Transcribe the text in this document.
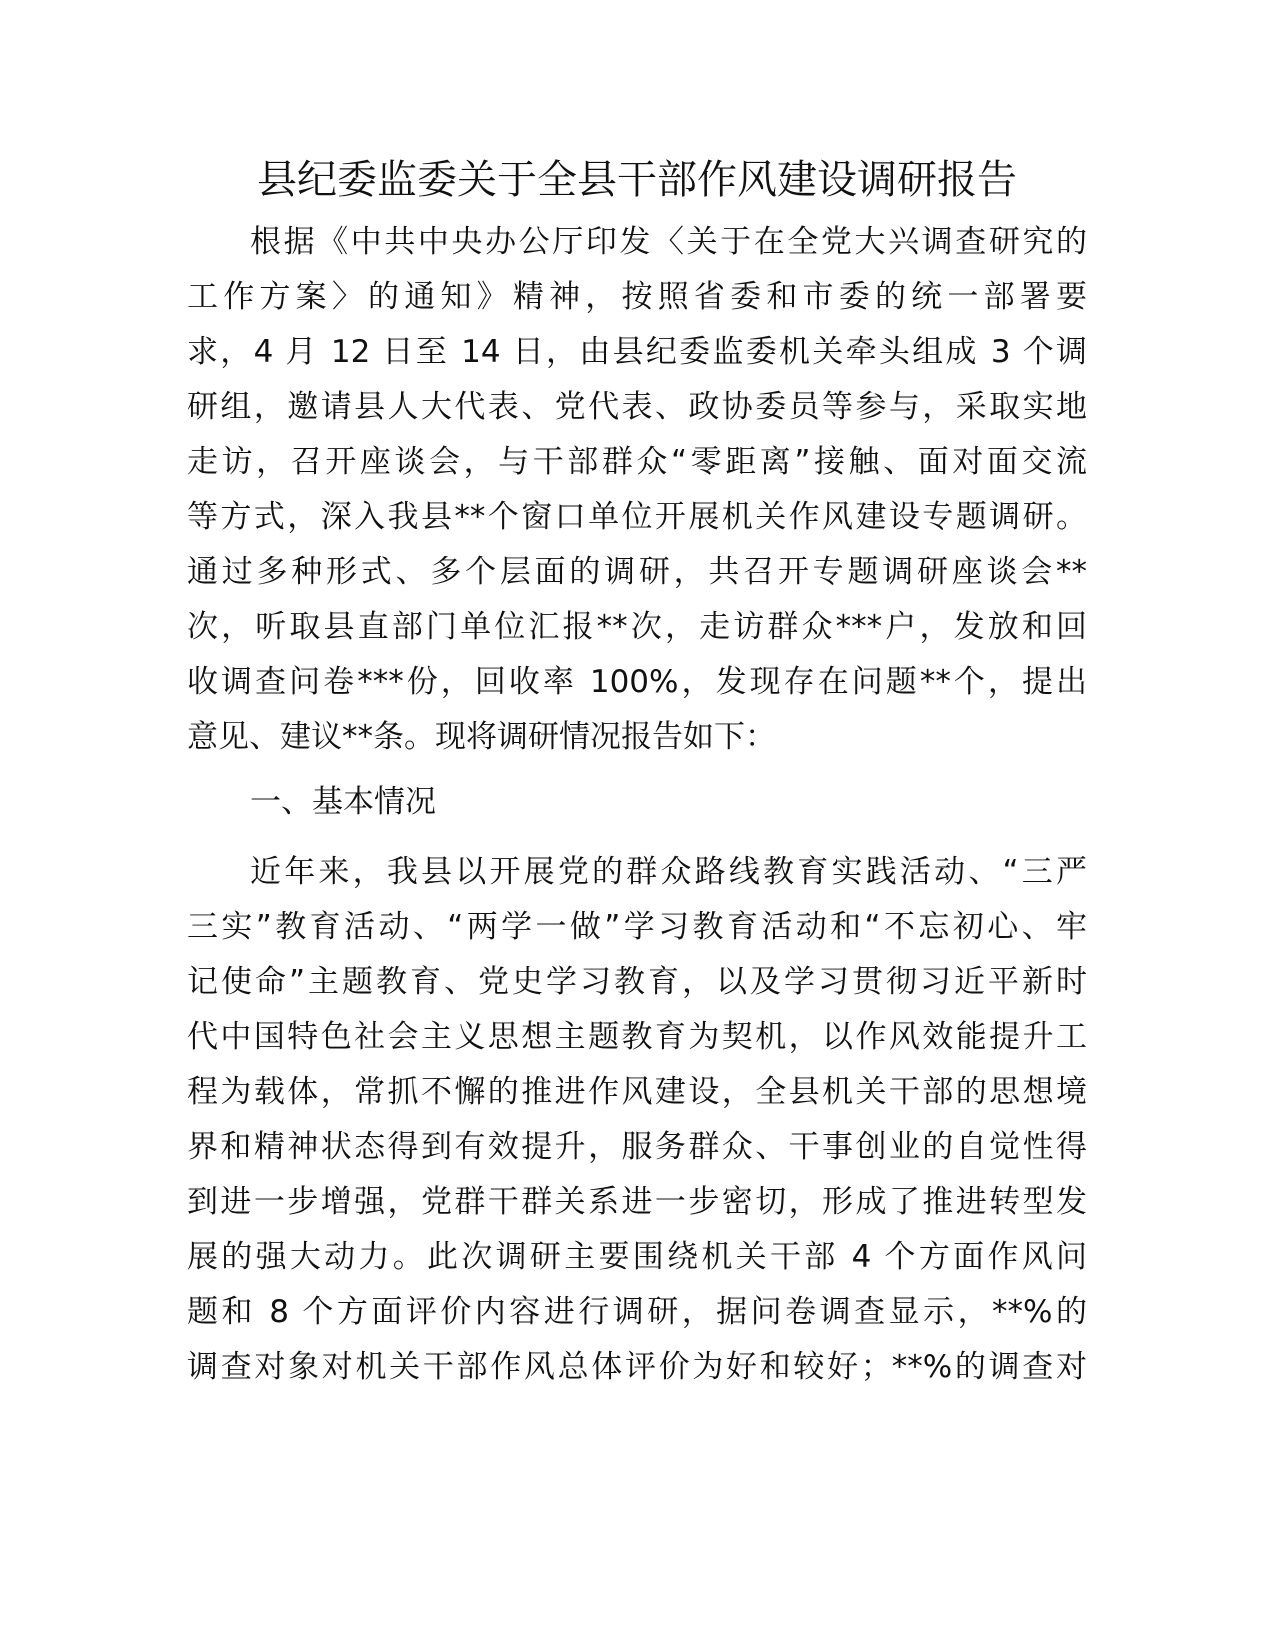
县纪委监委关于全县干部作风建设调研报告
根据《中共中央办公厅印发〈关于在全党大兴调查研究的
工作方案〉的通知》精神，按照省委和市委的统一部署要
求，4 月 12 日至 14 日，由县纪委监委机关牵头组成 3 个调
研组，邀请县人大代表、党代表、政协委员等参与，采取实地
走访，召开座谈会，与干部群众“零距离”接触、面对面交流
等方式，深入我县**个窗口单位开展机关作风建设专题调研。
通过多种形式、多个层面的调研，共召开专题调研座谈会**
次，听取县直部门单位汇报**次，走访群众***户，发放和回
收调查问卷***份，回收率 100%，发现存在问题**个，提出
意见、建议**条。现将调研情况报告如下：
一、基本情况
近年来，我县以开展党的群众路线教育实践活动、“三严
三实”教育活动、“两学一做”学习教育活动和“不忘初心、牢
记使命”主题教育、党史学习教育，以及学习贯彻习近平新时
代中国特色社会主义思想主题教育为契机，以作风效能提升工
程为载体，常抓不懈的推进作风建设，全县机关干部的思想境
界和精神状态得到有效提升，服务群众、干事创业的自觉性得
到进一步增强，党群干群关系进一步密切，形成了推进转型发
展的强大动力。此次调研主要围绕机关干部 4 个方面作风问
题和 8 个方面评价内容进行调研，据问卷调查显示，**%的
调查对象对机关干部作风总体评价为好和较好；**%的调查对
